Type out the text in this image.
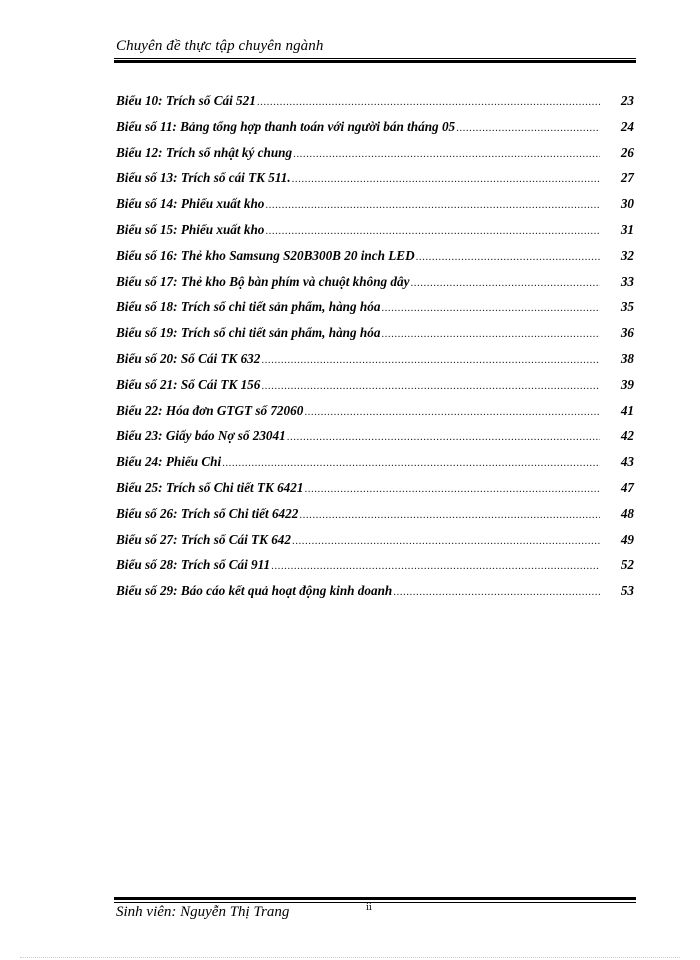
Chuyên đề thực tập chuyên ngành
Biểu 10: Trích sổ Cái 521 .....	23
Biểu số 11: Bảng tổng hợp thanh toán với người bán tháng 05 .....	24
Biểu 12: Trích sổ nhật ký chung .....	26
Biểu số 13: Trích sổ cái TK 511. .....	27
Biểu số 14: Phiếu xuất kho .....	30
Biểu số 15: Phiếu xuất kho .....	31
Biểu số 16: Thẻ kho Samsung S20B300B 20 inch LED .....	32
Biểu số 17: Thẻ kho Bộ bàn phím và chuột không dây .....	33
Biểu số 18: Trích sổ chi tiết sản phẩm, hàng hóa .....	35
Biểu số 19: Trích sổ chi tiết sản phẩm, hàng hóa .....	36
Biểu số 20: Sổ Cái TK 632 .....	38
Biểu số 21: Sổ Cái TK 156 .....	39
Biểu 22: Hóa đơn GTGT số 72060 .....	41
Biểu 23: Giấy báo Nợ số 23041 .....	42
Biểu 24: Phiếu Chi .....	43
Biểu 25: Trích sổ Chi tiết TK 6421 .....	47
Biểu số 26: Trích sổ Chi tiết 6422 .....	48
Biểu số 27: Trích sổ Cái TK 642 .....	49
Biểu số 28: Trích sổ Cái 911 .....	52
Biểu số 29: Báo cáo kết quả hoạt động kinh doanh .....	53
Sinh viên: Nguyễn Thị Trang	ii
